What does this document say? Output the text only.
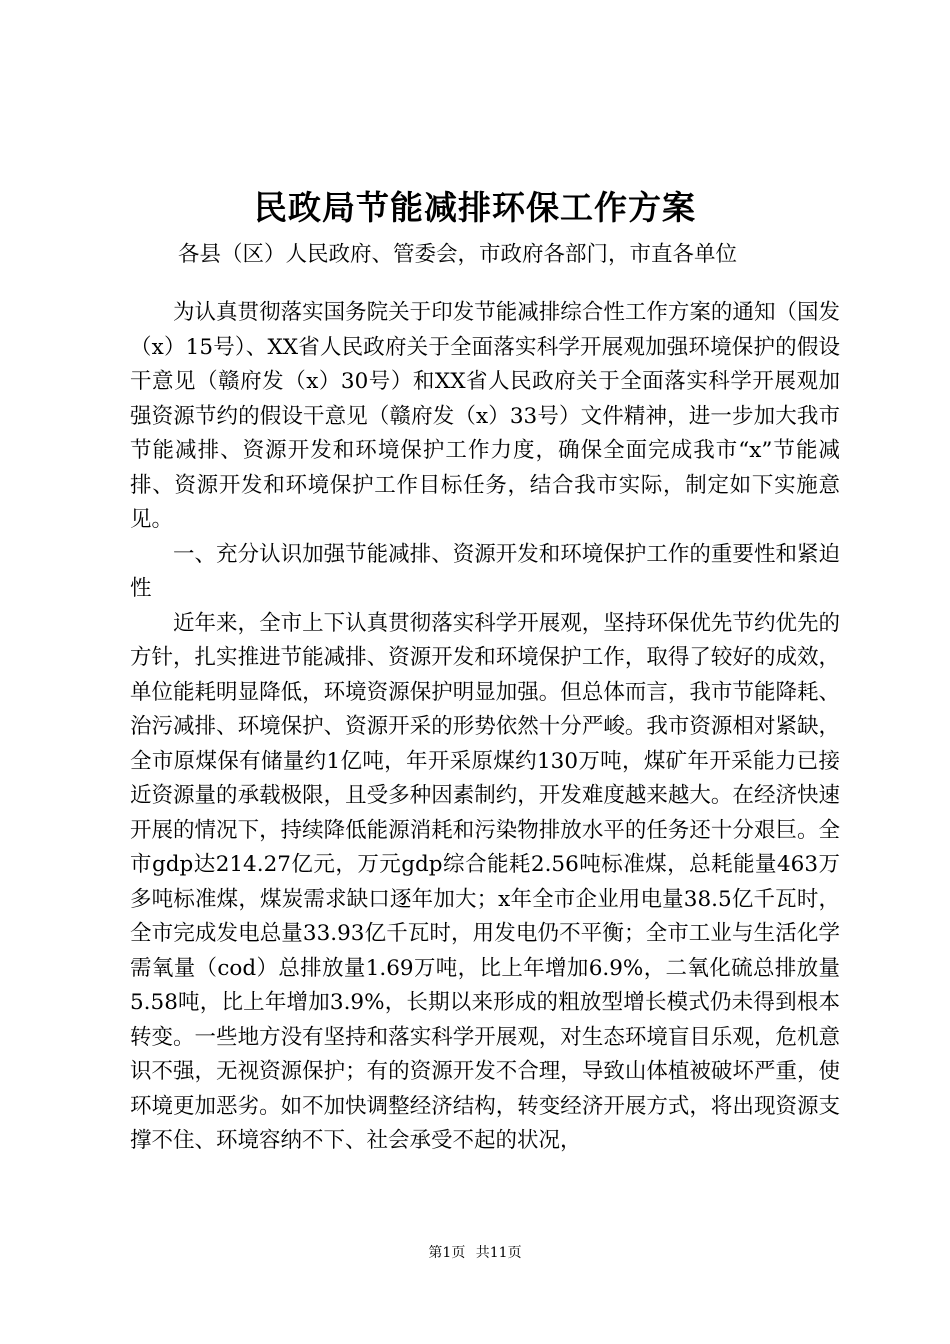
民政局节能减排环保工作方案

各县（区）人民政府、管委会，市政府各部门，市直各单位

为认真贯彻落实国务院关于印发节能减排综合性工作方案的通知（国发（x）15号）、XX省人民政府关于全面落实科学开展观加强环境保护的假设干意见（赣府发（x）30号）和XX省人民政府关于全面落实科学开展观加强资源节约的假设干意见（赣府发（x）33号）文件精神，进一步加大我市节能减排、资源开发和环境保护工作力度，确保全面完成我市“x”节能减排、资源开发和环境保护工作目标任务，结合我市实际，制定如下实施意见。

一、充分认识加强节能减排、资源开发和环境保护工作的重要性和紧迫性

近年来，全市上下认真贯彻落实科学开展观，坚持环保优先节约优先的方针，扎实推进节能减排、资源开发和环境保护工作，取得了较好的成效，单位能耗明显降低，环境资源保护明显加强。但总体而言，我市节能降耗、治污减排、环境保护、资源开采的形势依然十分严峻。我市资源相对紧缺，全市原煤保有储量约1亿吨，年开采原煤约130万吨，煤矿年开采能力已接近资源量的承载极限，且受多种因素制约，开发难度越来越大。在经济快速开展的情况下，持续降低能源消耗和污染物排放水平的任务还十分艰巨。全市gdp达214.27亿元，万元gdp综合能耗2.56吨标准煤，总耗能量463万多吨标准煤，煤炭需求缺口逐年加大；x年全市企业用电量38.5亿千瓦时，全市完成发电总量33.93亿千瓦时，用发电仍不平衡；全市工业与生活化学需氧量（cod）总排放量1.69万吨，比上年增加6.9%，二氧化硫总排放量5.58吨，比上年增加3.9%，长期以来形成的粗放型增长模式仍未得到根本转变。一些地方没有坚持和落实科学开展观，对生态环境盲目乐观，危机意识不强，无视资源保护；有的资源开发不合理，导致山体植被破坏严重，使环境更加恶劣。如不加快调整经济结构，转变经济开展方式，将出现资源支撑不住、环境容纳不下、社会承受不起的状况，

第1页 共11页
